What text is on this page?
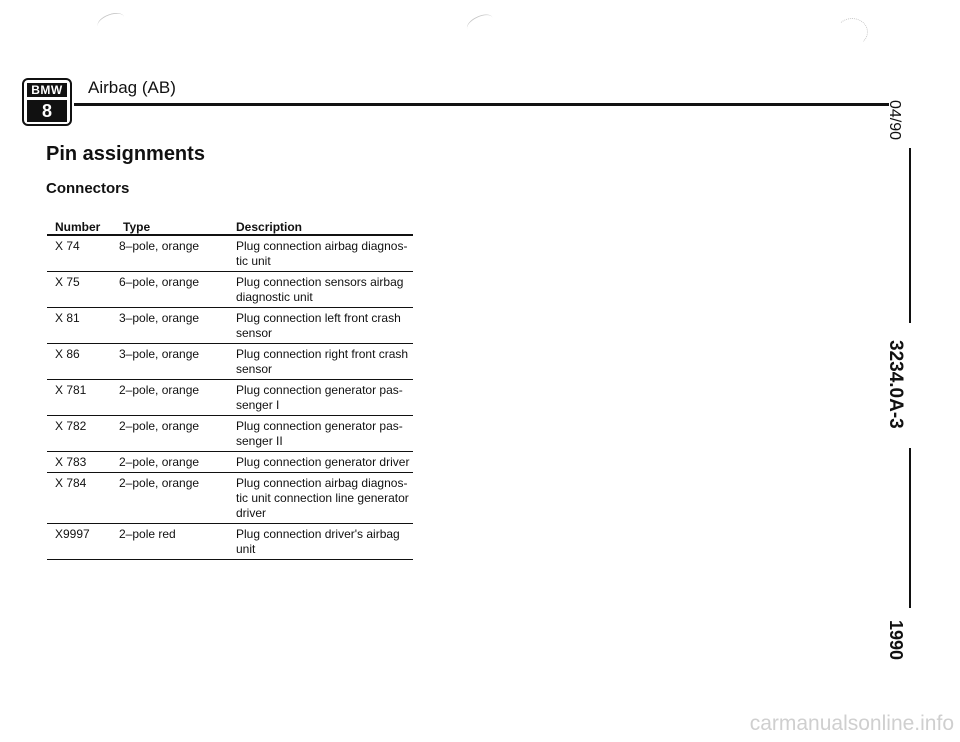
BMW
8
Airbag (AB)
Pin assignments
Connectors
Number Type	Description
X 74	8–pole, orange	Plug connection airbag diagnos-
tic unit
X 75	6–pole, orange	Plug connection sensors airbag
diagnostic unit
X 81	3–pole, orange	Plug connection left front crash
sensor
X 86	3–pole, orange	Plug connection right front crash
sensor
X 781	2–pole, orange	Plug connection generator pas-
senger I
X 782	2–pole, orange	Plug connection generator pas-
senger II
X 783	2–pole, orange	Plug connection generator driver
X 784	2–pole, orange	Plug connection airbag diagnos-
tic unit connection line generator
driver
X9997 2–pole red	Plug connection driver's airbag
unit
04/90
3234.0A-3
1990
carmanualsonline.info
